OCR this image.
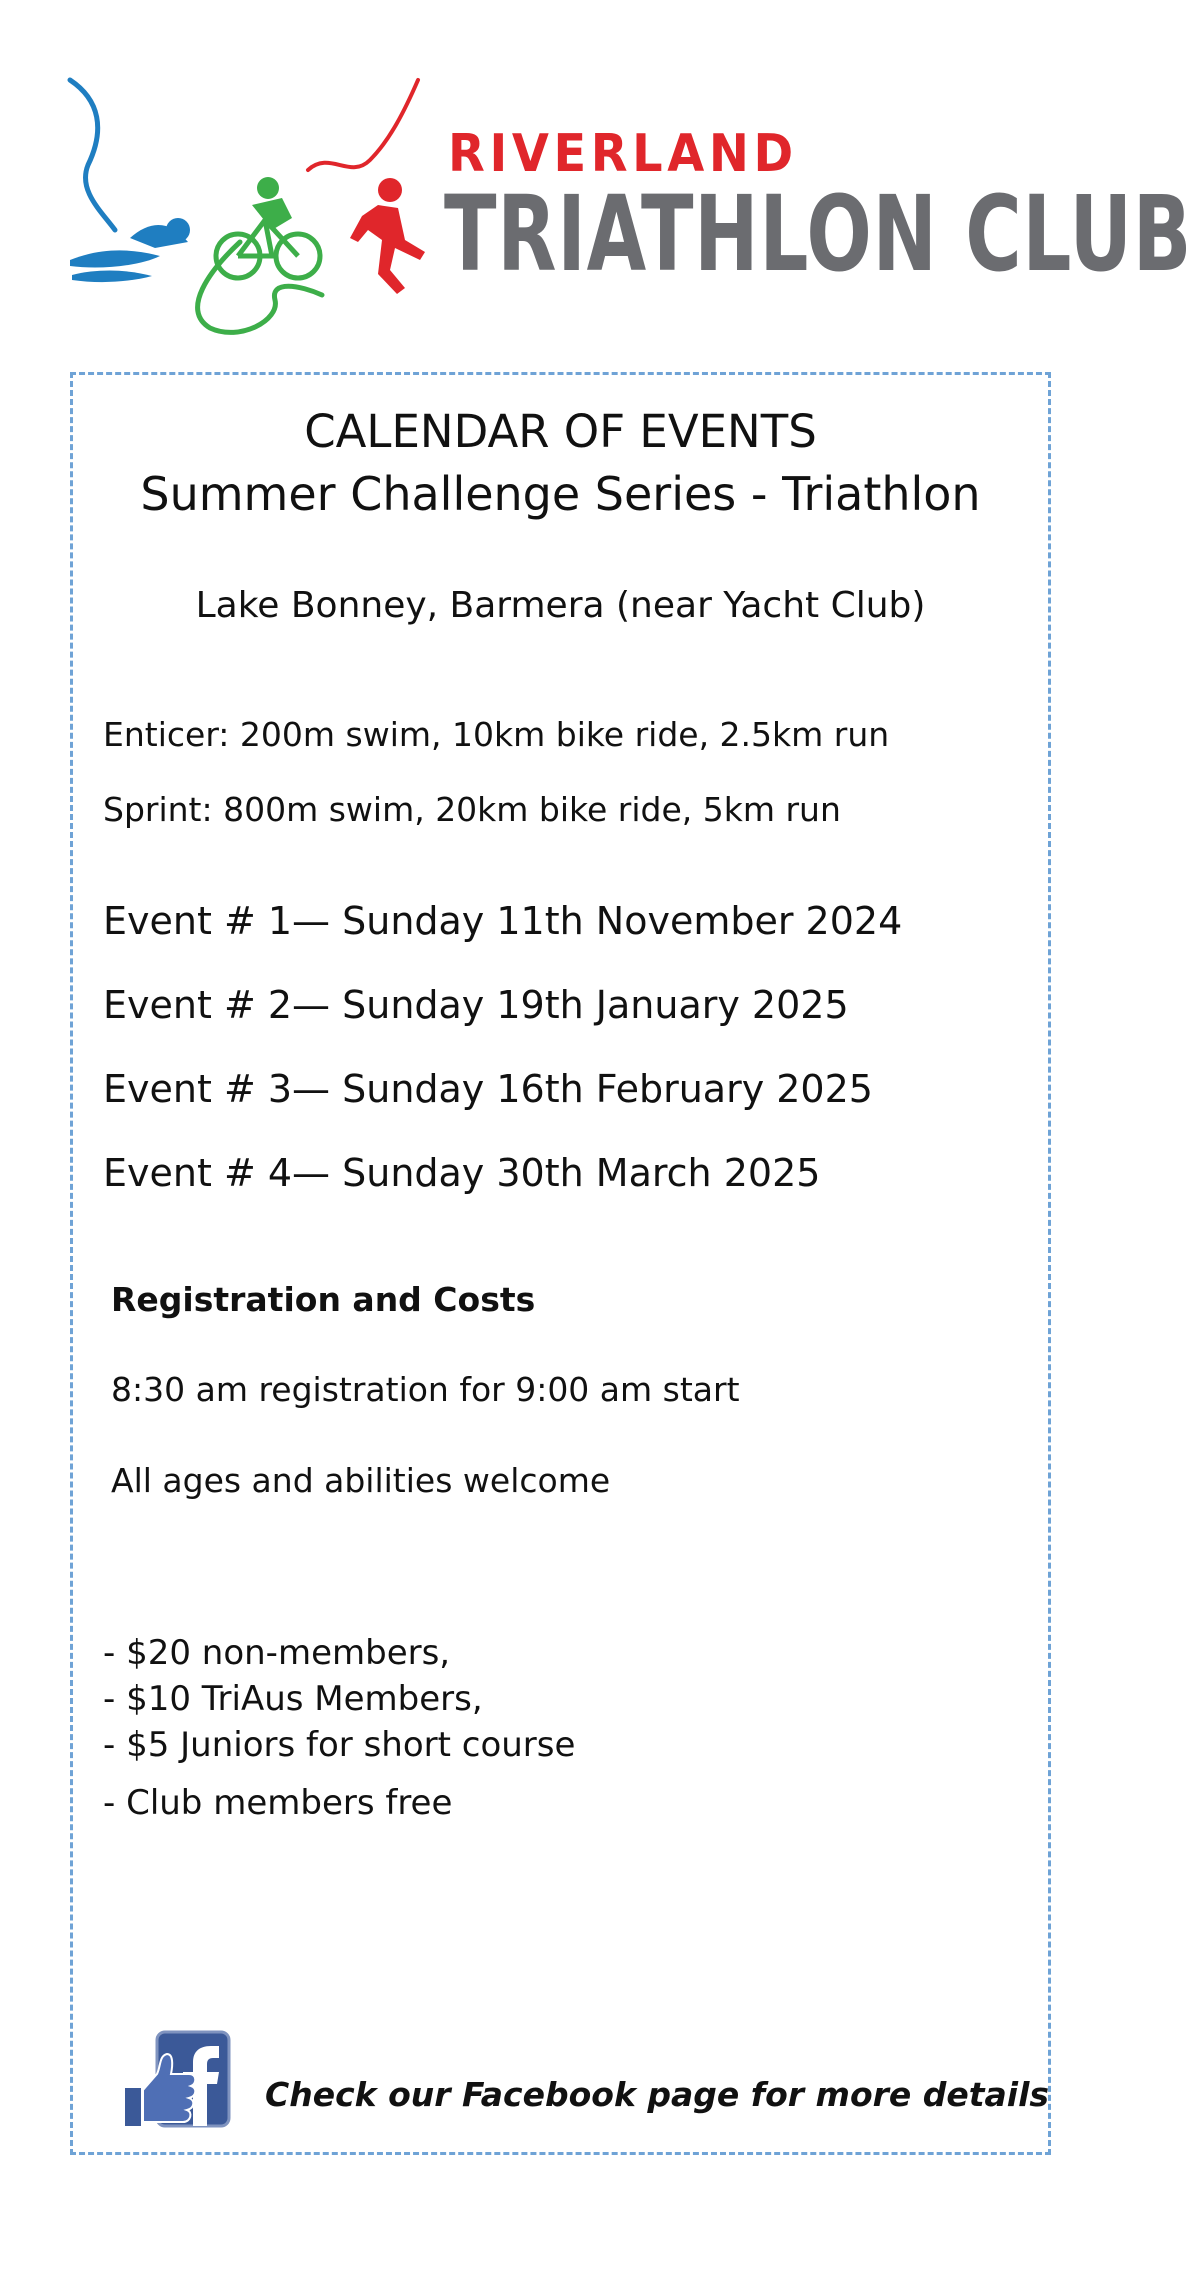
RIVERLAND
TRIATHLON CLUB
CALENDAR OF EVENTS
Summer Challenge Series - Triathlon
Lake Bonney, Barmera (near Yacht Club)
Enticer: 200m swim, 10km bike ride, 2.5km run
Sprint: 800m swim, 20km bike ride, 5km run
Event # 1— Sunday 11th November 2024
Event # 2— Sunday 19th January 2025
Event # 3— Sunday 16th February 2025
Event # 4— Sunday 30th March 2025
Registration and Costs
8:30 am registration for 9:00 am start
All ages and abilities welcome
- $20 non-members,
- $10 TriAus Members,
- $5 Juniors for short course
- Club members free
Check our Facebook page for more details
